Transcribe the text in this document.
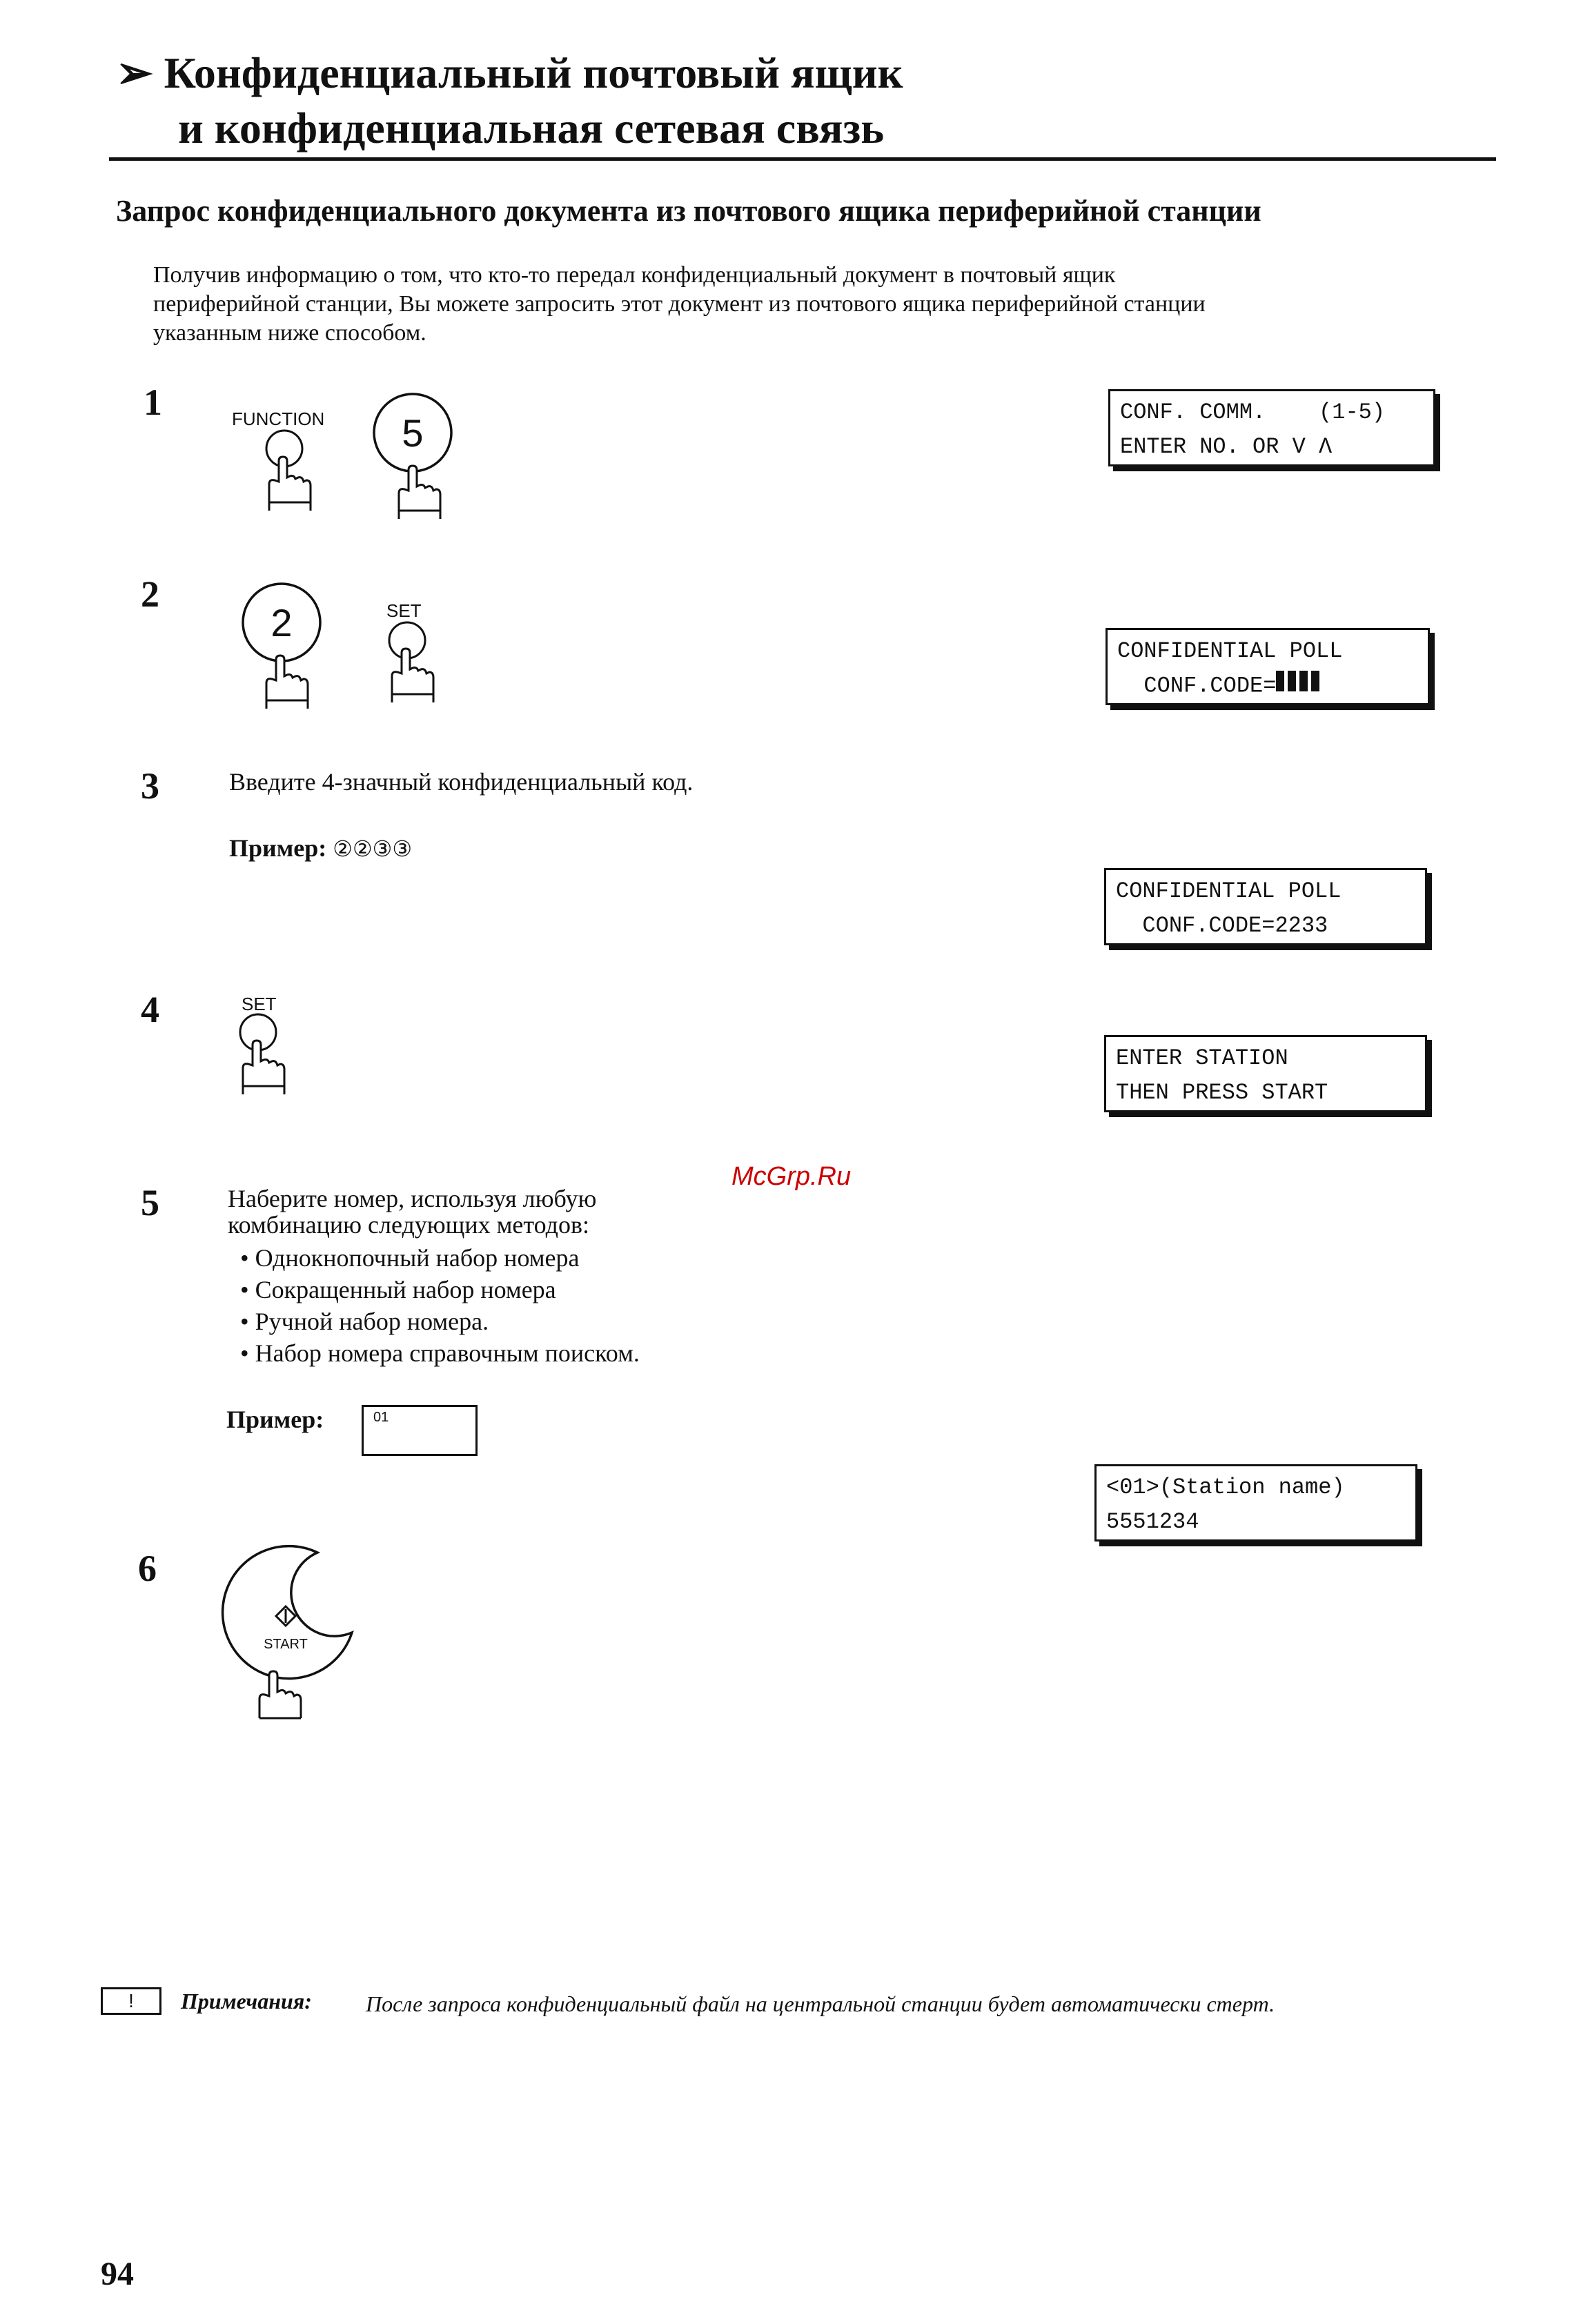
➢ Конфиденциальный почтовый ящик
и конфиденциальная сетевая связь
Запрос конфиденциального документа из почтового ящика периферийной станции
Получив информацию о том, что кто-то передал конфиденциальный документ в почтовый ящик
периферийной станции, Вы можете запросить этот документ из почтового ящика периферийной станции
указанным ниже способом.
1	FUNCTION	5	CONF. COMM.    (1-5)
ENTER NO. OR V Λ
2
2	SET
CONFIDENTIAL POLL
CONF.CODE=
3	Введите 4-значный конфиденциальный код.
Пример: ②②③③
CONFIDENTIAL POLL
CONF.CODE=2233
4	SET
ENTER STATION
THEN PRESS START
McGrp.Ru
5	Наберите номер, используя любую
комбинацию следующих методов:
• Однокнопочный набор номера
• Сокращенный набор номера
• Ручной набор номера.
• Набор номера справочным поиском.
Пример:	01
<01>(Station name)
5551234
6
START
!	Примечания: После запроса конфиденциальный файл на центральной станции будет автоматически стерт.
94
